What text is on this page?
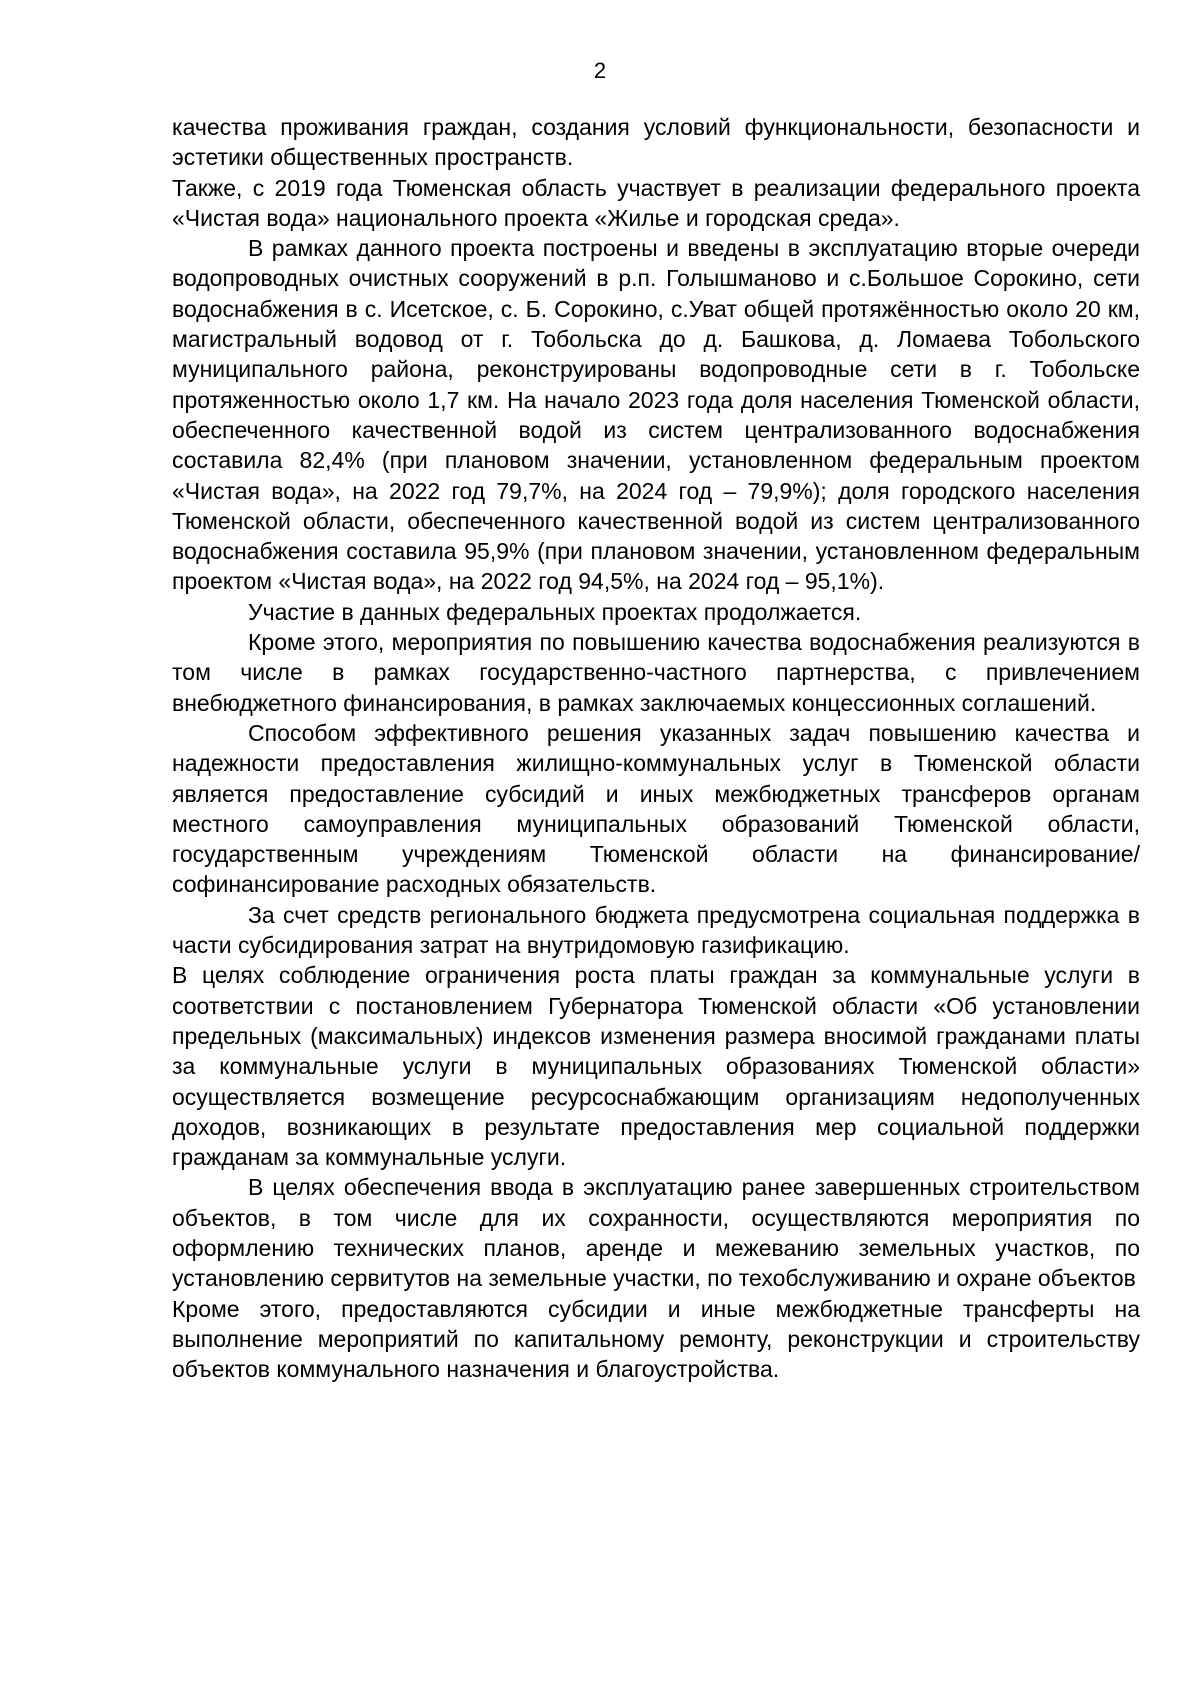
2

качества проживания граждан, создания условий функциональности, безопасности и эстетики общественных пространств.

Также, с 2019 года Тюменская область участвует в реализации федерального проекта «Чистая вода» национального проекта «Жилье и городская среда».

В рамках данного проекта построены и введены в эксплуатацию вторые очереди водопроводных очистных сооружений в р.п. Голышманово и с.Большое Сорокино, сети водоснабжения в с. Исетское, с. Б. Сорокино, с.Уват общей протяжённостью около 20 км, магистральный водовод от г. Тобольска до д. Башкова, д. Ломаева Тобольского муниципального района, реконструированы водопроводные сети в г. Тобольске протяженностью около 1,7 км. На начало 2023 года доля населения Тюменской области, обеспеченного качественной водой из систем централизованного водоснабжения составила 82,4% (при плановом значении, установленном федеральным проектом «Чистая вода», на 2022 год 79,7%, на 2024 год – 79,9%); доля городского населения Тюменской области, обеспеченного качественной водой из систем централизованного водоснабжения составила 95,9% (при плановом значении, установленном федеральным проектом «Чистая вода», на 2022 год 94,5%, на 2024 год – 95,1%).

Участие в данных федеральных проектах продолжается.

Кроме этого, мероприятия по повышению качества водоснабжения реализуются в том числе в рамках государственно-частного партнерства, с привлечением внебюджетного финансирования, в рамках заключаемых концессионных соглашений.

Способом эффективного решения указанных задач повышению качества и надежности предоставления жилищно-коммунальных услуг в Тюменской области является предоставление субсидий и иных межбюджетных трансферов органам местного самоуправления муниципальных образований Тюменской области, государственным учреждениям Тюменской области на финансирование/софинансирование расходных обязательств.

За счет средств регионального бюджета предусмотрена социальная поддержка в части субсидирования затрат на внутридомовую газификацию.

В целях соблюдение ограничения роста платы граждан за коммунальные услуги в соответствии с постановлением Губернатора Тюменской области «Об установлении предельных (максимальных) индексов изменения размера вносимой гражданами платы за коммунальные услуги в муниципальных образованиях Тюменской области» осуществляется возмещение ресурсоснабжающим организациям недополученных доходов, возникающих в результате предоставления мер социальной поддержки гражданам за коммунальные услуги.

В целях обеспечения ввода в эксплуатацию ранее завершенных строительством объектов, в том числе для их сохранности, осуществляются мероприятия по оформлению технических планов, аренде и межеванию земельных участков, по установлению сервитутов на земельные участки, по техобслуживанию и охране объектов

Кроме этого, предоставляются субсидии и иные межбюджетные трансферты на выполнение мероприятий по капитальному ремонту, реконструкции и строительству объектов коммунального назначения и благоустройства.
